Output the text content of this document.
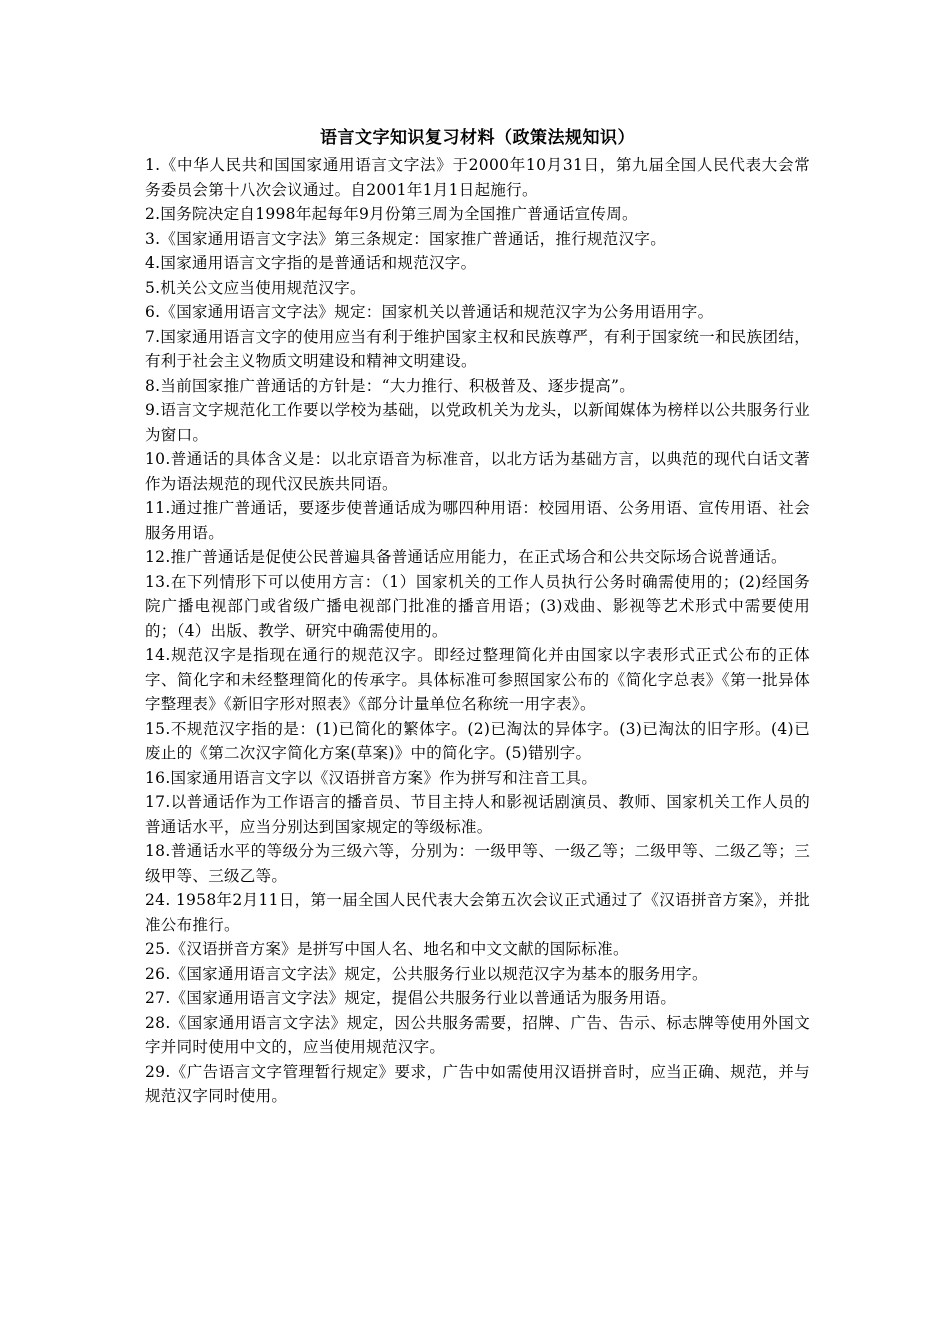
语言文字知识复习材料（政策法规知识）
1.《中华人民共和国国家通用语言文字法》于2000年10月31日，第九届全国人民代表大会常务委员会第十八次会议通过。自2001年1月1日起施行。
2.国务院决定自1998年起每年9月份第三周为全国推广普通话宣传周。
3.《国家通用语言文字法》第三条规定：国家推广普通话，推行规范汉字。
4.国家通用语言文字指的是普通话和规范汉字。
5.机关公文应当使用规范汉字。
6.《国家通用语言文字法》规定：国家机关以普通话和规范汉字为公务用语用字。
7.国家通用语言文字的使用应当有利于维护国家主权和民族尊严，有利于国家统一和民族团结，有利于社会主义物质文明建设和精神文明建设。
8.当前国家推广普通话的方针是：“大力推行、积极普及、逐步提高”。
9.语言文字规范化工作要以学校为基础，以党政机关为龙头，以新闻媒体为榜样以公共服务行业为窗口。
10.普通话的具体含义是：以北京语音为标准音，以北方话为基础方言，以典范的现代白话文著作为语法规范的现代汉民族共同语。
11.通过推广普通话，要逐步使普通话成为哪四种用语：校园用语、公务用语、宣传用语、社会服务用语。
12.推广普通话是促使公民普遍具备普通话应用能力，在正式场合和公共交际场合说普通话。
13.在下列情形下可以使用方言：（1）国家机关的工作人员执行公务时确需使用的；(2)经国务院广播电视部门或省级广播电视部门批准的播音用语；(3)戏曲、影视等艺术形式中需要使用的；（4）出版、教学、研究中确需使用的。
14.规范汉字是指现在通行的规范汉字。即经过整理简化并由国家以字表形式正式公布的正体字、简化字和未经整理简化的传承字。具体标准可参照国家公布的《简化字总表》《第一批异体字整理表》《新旧字形对照表》《部分计量单位名称统一用字表》。
15.不规范汉字指的是：(1)已简化的繁体字。(2)已淘汰的异体字。(3)已淘汰的旧字形。(4)已废止的《第二次汉字简化方案(草案)》中的简化字。(5)错别字。
16.国家通用语言文字以《汉语拼音方案》作为拼写和注音工具。
17.以普通话作为工作语言的播音员、节目主持人和影视话剧演员、教师、国家机关工作人员的普通话水平，应当分别达到国家规定的等级标准。
18.普通话水平的等级分为三级六等，分别为：一级甲等、一级乙等；二级甲等、二级乙等；三级甲等、三级乙等。
24. 1958年2月11日，第一届全国人民代表大会第五次会议正式通过了《汉语拼音方案》，并批准公布推行。
25.《汉语拼音方案》是拼写中国人名、地名和中文文献的国际标准。
26.《国家通用语言文字法》规定，公共服务行业以规范汉字为基本的服务用字。
27.《国家通用语言文字法》规定，提倡公共服务行业以普通话为服务用语。
28.《国家通用语言文字法》规定，因公共服务需要，招牌、广告、告示、标志牌等使用外国文字并同时使用中文的，应当使用规范汉字。
29.《广告语言文字管理暂行规定》要求，广告中如需使用汉语拼音时，应当正确、规范，并与规范汉字同时使用。
